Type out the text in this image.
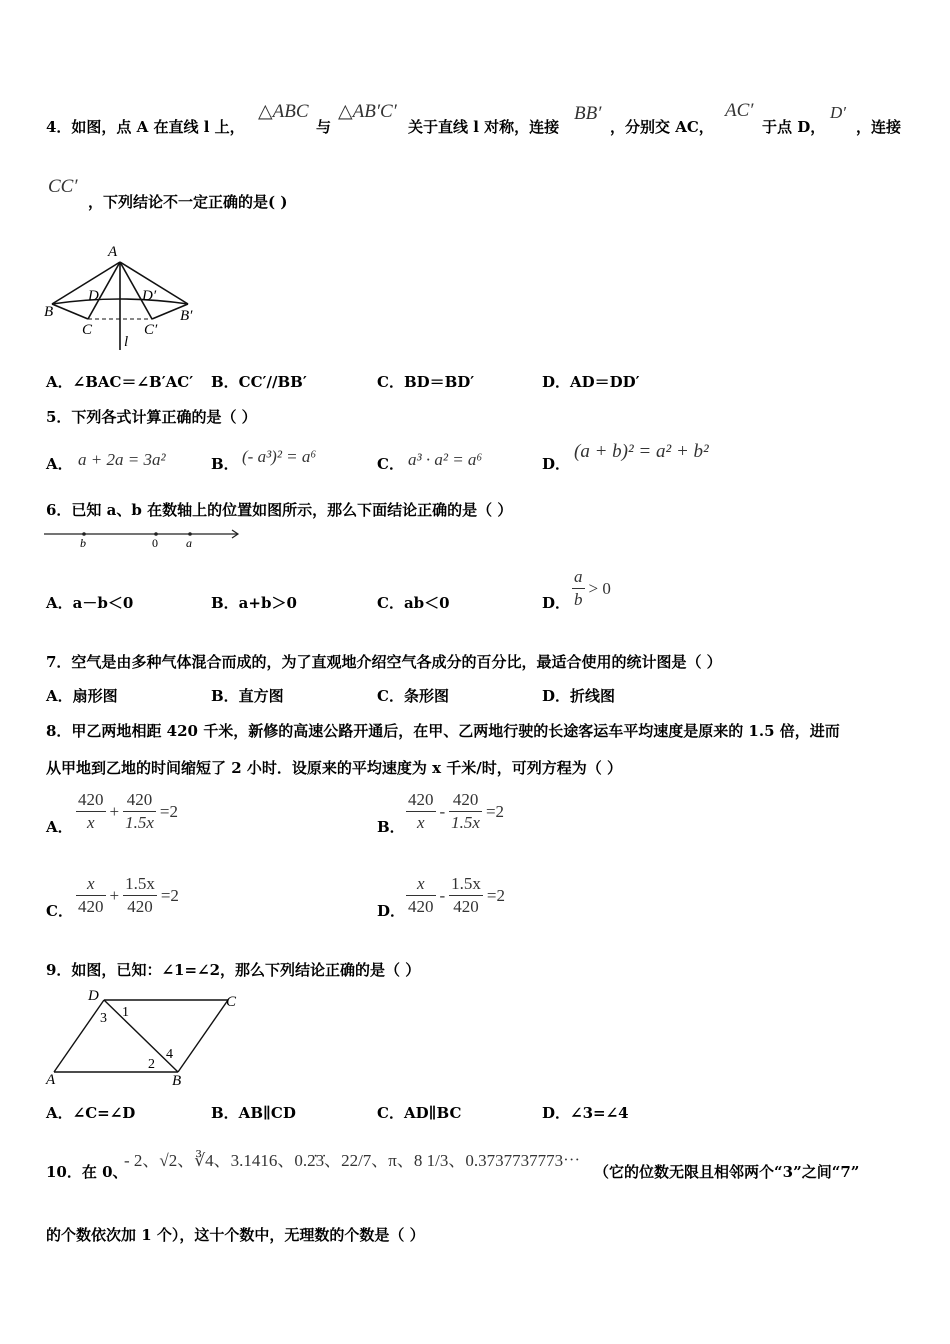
4．如图，点 A 在直线 l 上，
△ABC
与
△AB′C′
关于直线 l 对称，连接
BB′
，分别交 AC，
AC′
于点 D，
D′
，连接
CC′
，下列结论不一定正确的是( )
A
B
D
C
l
D′
C′
B′
A．∠BAC＝∠B′AC′ B．CC′//BB′	C．BD＝BD′	D．AD＝DD′
5．下列各式计算正确的是（ ）
A． a + 2a = 3a²	B． (- a³)² = a⁶	C． a³ · a² = a⁶	D．
(a + b)² = a² + b²
6．已知 a、b 在数轴上的位置如图所示，那么下面结论正确的是（ ）
b	0 a
A．a－b＜0	B．a+b＞0	C．ab＜0	D． $\frac{a}{b} > 0$
7．空气是由多种气体混合而成的，为了直观地介绍空气各成分的百分比，最适合使用的统计图是（ ）
A．扇形图	B．直方图	C．条形图	D．折线图
8．甲乙两地相距 420 千米，新修的高速公路开通后，在甲、乙两地行驶的长途客运车平均速度是原来的 1.5 倍，进而
从甲地到乙地的时间缩短了 2 小时．设原来的平均速度为 x 千米/时，可列方程为（ ）
A． $\frac{420}{x} + \frac{420}{1.5x} =2$
B． $\frac{420}{x} - \frac{420}{1.5x} =2$
C． $\frac{x}{420} + \frac{1.5x}{420} =2$
D． $\frac{x}{420} - \frac{1.5x}{420} =2$
9．如图，已知：∠1=∠2，那么下列结论正确的是（ ）
D	C
A	B
1
2
3
4
A．∠C=∠D	B．AB∥CD	C．AD∥BC	D．∠3=∠4
10．在 0、
- 2、√2、∛4、3.1416、0.2̇3̇、22/7、π、8 1/3、0.3737737773⋯
（它的位数无限且相邻两个“3”之间“7”
的个数依次加 1 个），这十个数中，无理数的个数是（ ）
